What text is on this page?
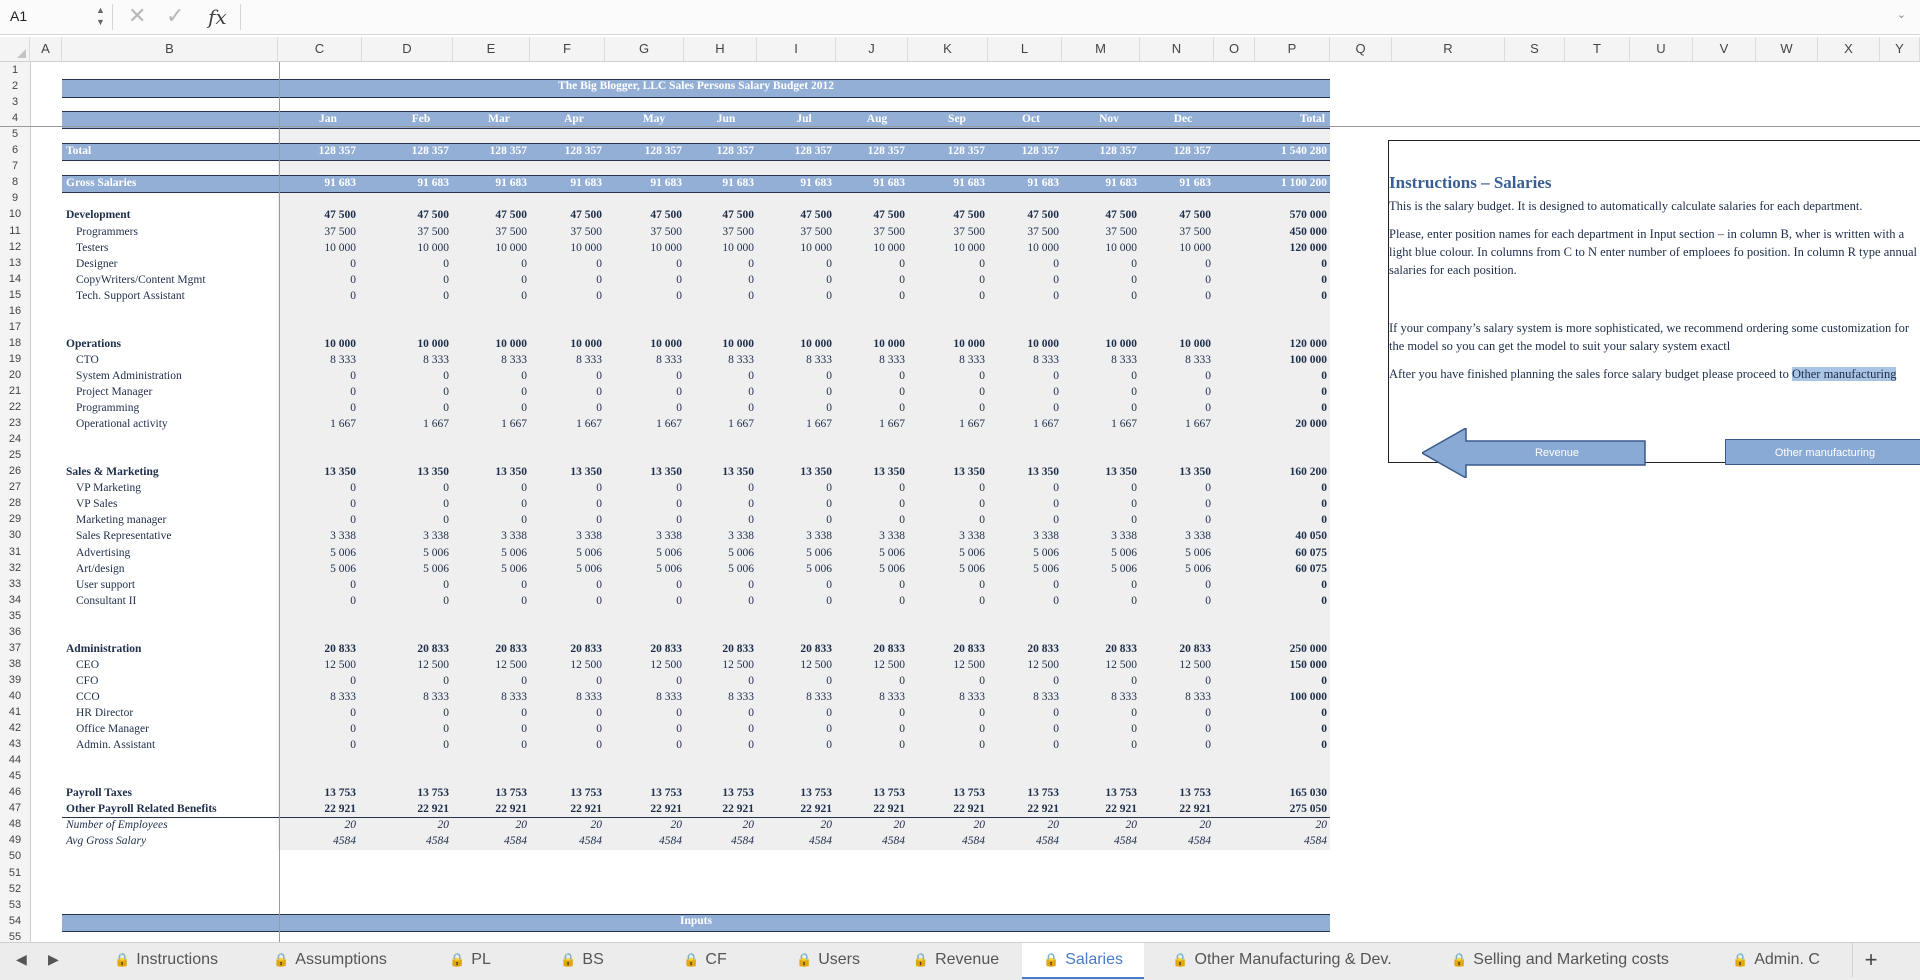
A1	▲
▼ ✕ ✓ fx	⌄
A	B	C	D	E	F	G	H	I	J	K	L	M	N	O	P	Q	R	S	T	U	V	W	X	Y
1
2
3
4
5
6
7
8
9
10
11
12
13
14
15
16
17
18
19
20
21
22
23
24
25
26
27
28
29
30
31
32
33
34
35
36
37
38
39
40
41
42
43
44
45
46
47
48
49
50
51
52
53
54
55
The Big Blogger, LLC Sales Persons Salary Budget 2012
Jan	Feb	Mar	Apr	May	Jun	Jul	Aug	Sep	Oct	Nov	Dec	Total
Total	128 357	128 357	128 357	128 357	128 357	128 357	128 357	128 357	128 357	128 357	128 357	128 357	1 540 280
Gross Salaries	91 683	91 683	91 683	91 683	91 683	91 683	91 683	91 683	91 683	91 683	91 683	91 683	1 100 200
Development	47 500	47 500	47 500	47 500	47 500	47 500	47 500	47 500	47 500	47 500	47 500	47 500	570 000
Programmers	37 500	37 500	37 500	37 500	37 500	37 500	37 500	37 500	37 500	37 500	37 500	37 500	450 000
Testers	10 000	10 000	10 000	10 000	10 000	10 000	10 000	10 000	10 000	10 000	10 000	10 000	120 000
Designer	0	0	0	0	0	0	0	0	0	0	0	0	0
CopyWriters/Content Mgmt	0	0	0	0	0	0	0	0	0	0	0	0	0
Tech. Support Assistant	0	0	0	0	0	0	0	0	0	0	0	0	0
Operations	10 000	10 000	10 000	10 000	10 000	10 000	10 000	10 000	10 000	10 000	10 000	10 000	120 000
CTO	8 333	8 333	8 333	8 333	8 333	8 333	8 333	8 333	8 333	8 333	8 333	8 333	100 000
System Administration	0	0	0	0	0	0	0	0	0	0	0	0	0
Project Manager	0	0	0	0	0	0	0	0	0	0	0	0	0
Programming	0	0	0	0	0	0	0	0	0	0	0	0	0
Operational activity	1 667	1 667	1 667	1 667	1 667	1 667	1 667	1 667	1 667	1 667	1 667	1 667	20 000
Sales & Marketing	13 350	13 350	13 350	13 350	13 350	13 350	13 350	13 350	13 350	13 350	13 350	13 350	160 200
VP Marketing	0	0	0	0	0	0	0	0	0	0	0	0	0
VP Sales	0	0	0	0	0	0	0	0	0	0	0	0	0
Marketing manager	0	0	0	0	0	0	0	0	0	0	0	0	0
Sales Representative	3 338	3 338	3 338	3 338	3 338	3 338	3 338	3 338	3 338	3 338	3 338	3 338	40 050
Advertising	5 006	5 006	5 006	5 006	5 006	5 006	5 006	5 006	5 006	5 006	5 006	5 006	60 075
Art/design	5 006	5 006	5 006	5 006	5 006	5 006	5 006	5 006	5 006	5 006	5 006	5 006	60 075
User support	0	0	0	0	0	0	0	0	0	0	0	0	0
Consultant II	0	0	0	0	0	0	0	0	0	0	0	0	0
Administration	20 833	20 833	20 833	20 833	20 833	20 833	20 833	20 833	20 833	20 833	20 833	20 833	250 000
CEO	12 500	12 500	12 500	12 500	12 500	12 500	12 500	12 500	12 500	12 500	12 500	12 500	150 000
CFO	0	0	0	0	0	0	0	0	0	0	0	0	0
CCO	8 333	8 333	8 333	8 333	8 333	8 333	8 333	8 333	8 333	8 333	8 333	8 333	100 000
HR Director	0	0	0	0	0	0	0	0	0	0	0	0	0
Office Manager	0	0	0	0	0	0	0	0	0	0	0	0	0
Admin. Assistant	0	0	0	0	0	0	0	0	0	0	0	0	0
Payroll Taxes	13 753	13 753	13 753	13 753	13 753	13 753	13 753	13 753	13 753	13 753	13 753	13 753	165 030
Other Payroll Related Benefits	22 921	22 921	22 921	22 921	22 921	22 921	22 921	22 921	22 921	22 921	22 921	22 921	275 050
Number of Employees	20	20	20	20	20	20	20	20	20	20	20	20	20
Avg Gross Salary	4584	4584	4584	4584	4584	4584	4584	4584	4584	4584	4584	4584	4584
Inputs
Instructions – Salaries

This is the salary budget. It is designed to automatically calculate salaries for each department.

Please, enter position names for each department in Input section – in column B, wher is written with a light blue colour. In columns from C to N enter number of emploees fo position. In column R type annual salaries for each position.

If your company’s salary system is more sophisticated, we recommend ordering some customization for the model so you can get the model to suit your salary system exactl

After you have finished planning the sales force salary budget please proceed to Other manufacturing

Revenue	Other manufacturing
◀ ▶	🔒 Instructions	🔒 Assumptions	🔒 PL	🔒 BS	🔒 CF	🔒 Users	🔒 Revenue	🔒 Salaries	🔒 Other Manufacturing & Dev.	🔒 Selling and Marketing costs	🔒 Admin. C	+
